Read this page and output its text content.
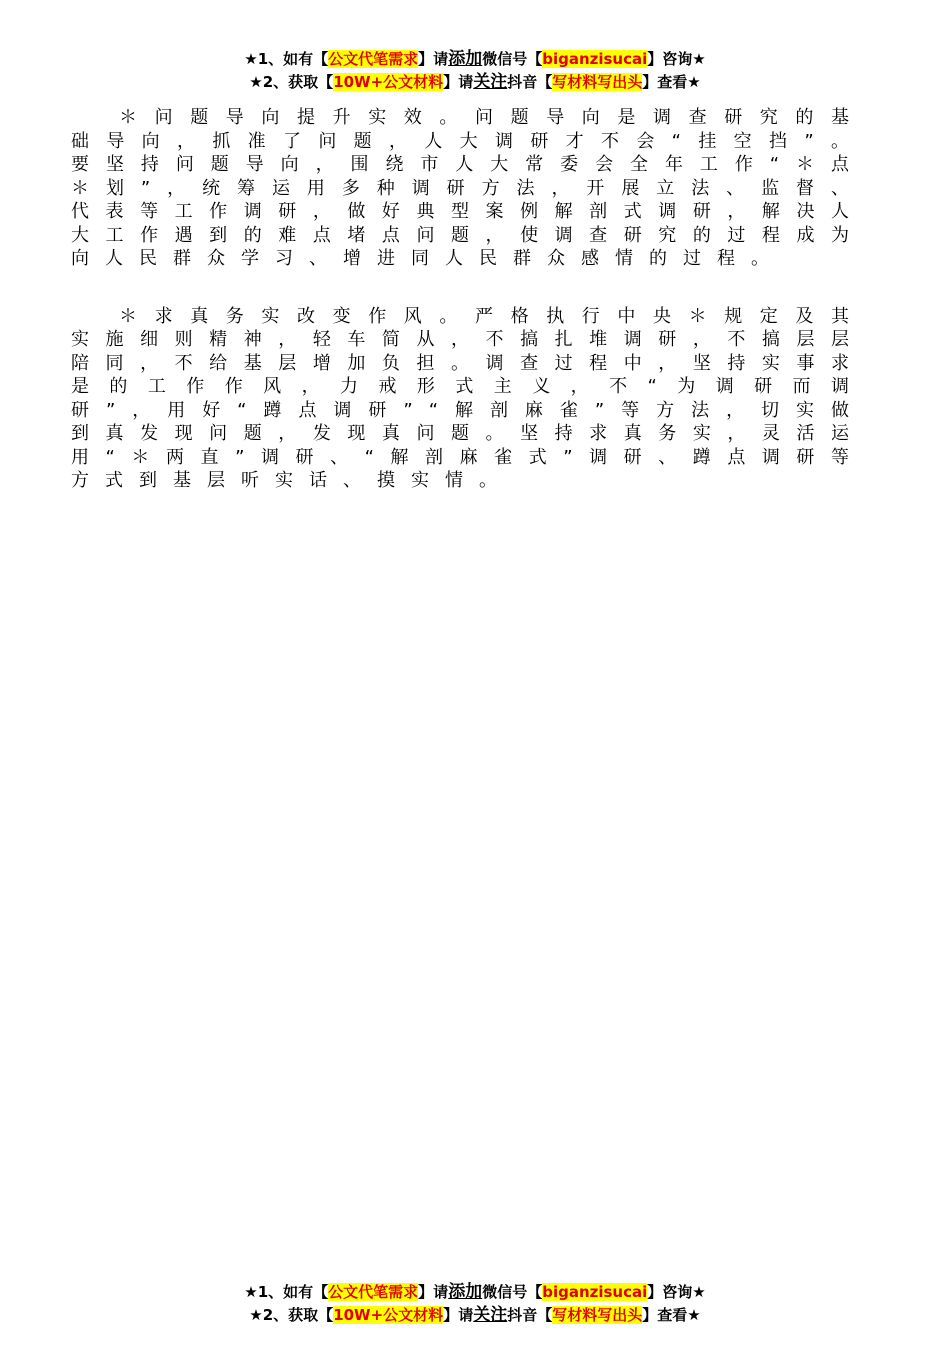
★1、如有【公文代笔需求】请添加微信号【biganzisucai】咨询★
★2、获取【10W+公文材料】请关注抖音【写材料写出头】查看★

＊问题导向提升实效。问题导向是调查研究的基础导向，抓准了问题，人大调研才不会“挂空挡”。要坚持问题导向，围绕市人大常委会全年工作“＊点＊划”，统筹运用多种调研方法，开展立法、监督、代表等工作调研，做好典型案例解剖式调研，解决人大工作遇到的难点堵点问题，使调查研究的过程成为向人民群众学习、增进同人民群众感情的过程。

＊求真务实改变作风。严格执行中央＊规定及其实施细则精神，轻车简从，不搞扎堆调研，不搞层层陪同，不给基层增加负担。调查过程中，坚持实事求是的工作作风，力戒形式主义，不“为调研而调研”，用好“蹲点调研”“解剖麻雀”等方法，切实做到真发现问题，发现真问题。坚持求真务实，灵活运用“＊两直”调研、“解剖麻雀式”调研、蹲点调研等方式到基层听实话、摸实情。

★1、如有【公文代笔需求】请添加微信号【biganzisucai】咨询★
★2、获取【10W+公文材料】请关注抖音【写材料写出头】查看★
